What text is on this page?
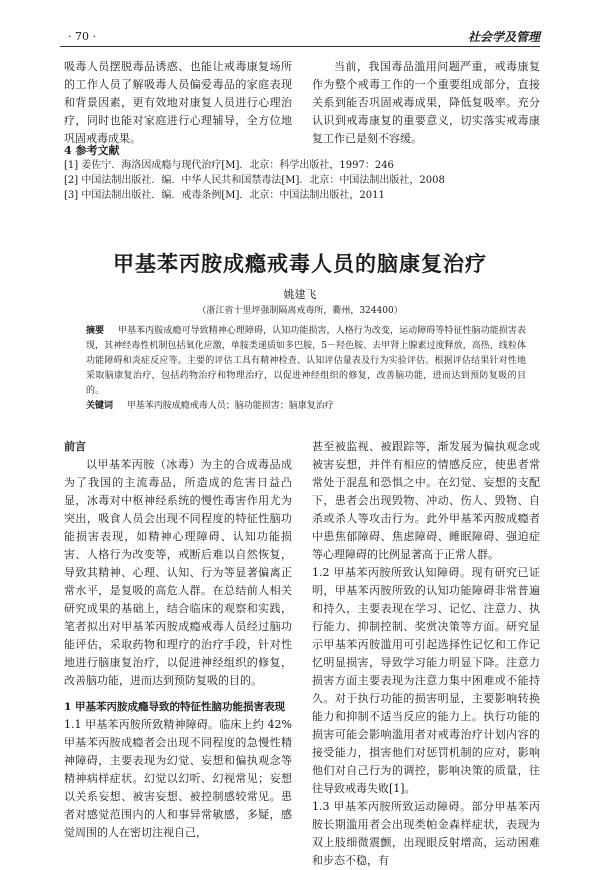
· 70 ·	社会学及管理

吸毒人员摆脱毒品诱惑、也能让戒毒康复场所的工作人员了解吸毒人员偏爱毒品的家庭表现和背景因素，更有效地对康复人员进行心理治疗，同时也能对家庭进行心理辅导，全方位地巩固戒毒成果。

当前，我国毒品滥用问题严重，戒毒康复作为整个戒毒工作的一个重要组成部分，直接关系到能否巩固戒毒成果，降低复吸率。充分认识到戒毒康复的重要意义，切实落实戒毒康复工作已是刻不容缓。

4 参考文献
[1] 姜佐宁．海洛因成瘾与现代治疗[M]．北京：科学出版社，1997：246
[2] 中国法制出版社．编．中华人民共和国禁毒法[M]．北京：中国法制出版社，2008
[3] 中国法制出版社．编．戒毒条例[M]．北京：中国法制出版社，2011
甲基苯丙胺成瘾戒毒人员的脑康复治疗
姚建飞
（浙江省十里坪强制隔离戒毒所，衢州，324400）

摘要 甲基苯丙胺成瘾可导致精神心理障碍，认知功能损害，人格行为改变，运动障碍等特征性脑功能损害表现，其神经毒性机制包括氧化应激，单胺类递质如多巴胺，5－羟色胺、去甲肾上腺素过度释放，高热，线粒体功能障碍和炎症反应等。主要的评估工具有精神检查、认知评估量表及行为实验评估。根据评估结果针对性地采取脑康复治疗，包括药物治疗和物理治疗，以促进神经组织的修复，改善脑功能，进而达到预防复吸的目的。

关键词 甲基苯丙胺成瘾戒毒人员；脑功能损害；脑康复治疗

前言

以甲基苯丙胺（冰毒）为主的合成毒品成为了我国的主流毒品，所造成的危害日益凸显，冰毒对中枢神经系统的慢性毒害作用尤为突出，吸食人员会出现不同程度的特征性脑功能损害表现，如精神心理障碍、认知功能损害、人格行为改变等，戒断后难以自然恢复，导致其精神、心理、认知、行为等显著偏离正常水平，是复吸的高危人群。在总结前人相关研究成果的基础上，结合临床的观察和实践，笔者拟出对甲基苯丙胺成瘾戒毒人员经过脑功能评估，采取药物和理疗的治疗手段，针对性地进行脑康复治疗，以促进神经组织的修复，改善脑功能，进而达到预防复吸的目的。

1 甲基苯丙胺成瘾导致的特征性脑功能损害表现

1.1 甲基苯丙胺所致精神障碍。临床上约 42% 甲基苯丙胺成瘾者会出现不同程度的急慢性精神障碍，主要表现为幻觉、妄想和偏执观念等精神病样症状。幻觉以幻听、幻视常见；妄想以关系妄想、被害妄想、被控制感较常见。患者对感觉范围内的人和事异常敏感，多疑，感觉周围的人在密切注视自己，

甚至被监视、被跟踪等，渐发展为偏执观念或被害妄想，并伴有相应的情感反应，使患者常常处于混乱和恐惧之中。在幻觉、妄想的支配下，患者会出现毁物、冲动、伤人、毁物、自杀或杀人等攻击行为。此外甲基苯丙胺成瘾者中患焦郁障碍、焦虑障碍、睡眠障碍、强迫症等心理障碍的比例显著高于正常人群。

1.2 甲基苯丙胺所致认知障碍。现有研究已证明，甲基苯丙胺所致的认知功能障碍非常普遍和持久，主要表现在学习、记忆、注意力、执行能力、抑制控制、奖赏决策等方面。研究显示甲基苯丙胺滥用可引起选择性记忆和工作记忆明显损害，导致学习能力明显下降。注意力损害方面主要表现为注意力集中困难或不能持久。对于执行功能的损害明显，主要影响转换能力和抑制不适当反应的能力上。执行功能的损害可能会影响滥用者对戒毒治疗计划内容的接受能力，損害他们对惩罚机制的应对，影响他们对自己行为的调控，影响决策的质量，往往导致戒毒失败[1]。

1.3 甲基苯丙胺所致运动障碍。部分甲基苯丙胺长期滥用者会出现类帕金森样症状，表现为双上肢细微震颤，出现眼反射增高，运动困难和步态不稳，有
